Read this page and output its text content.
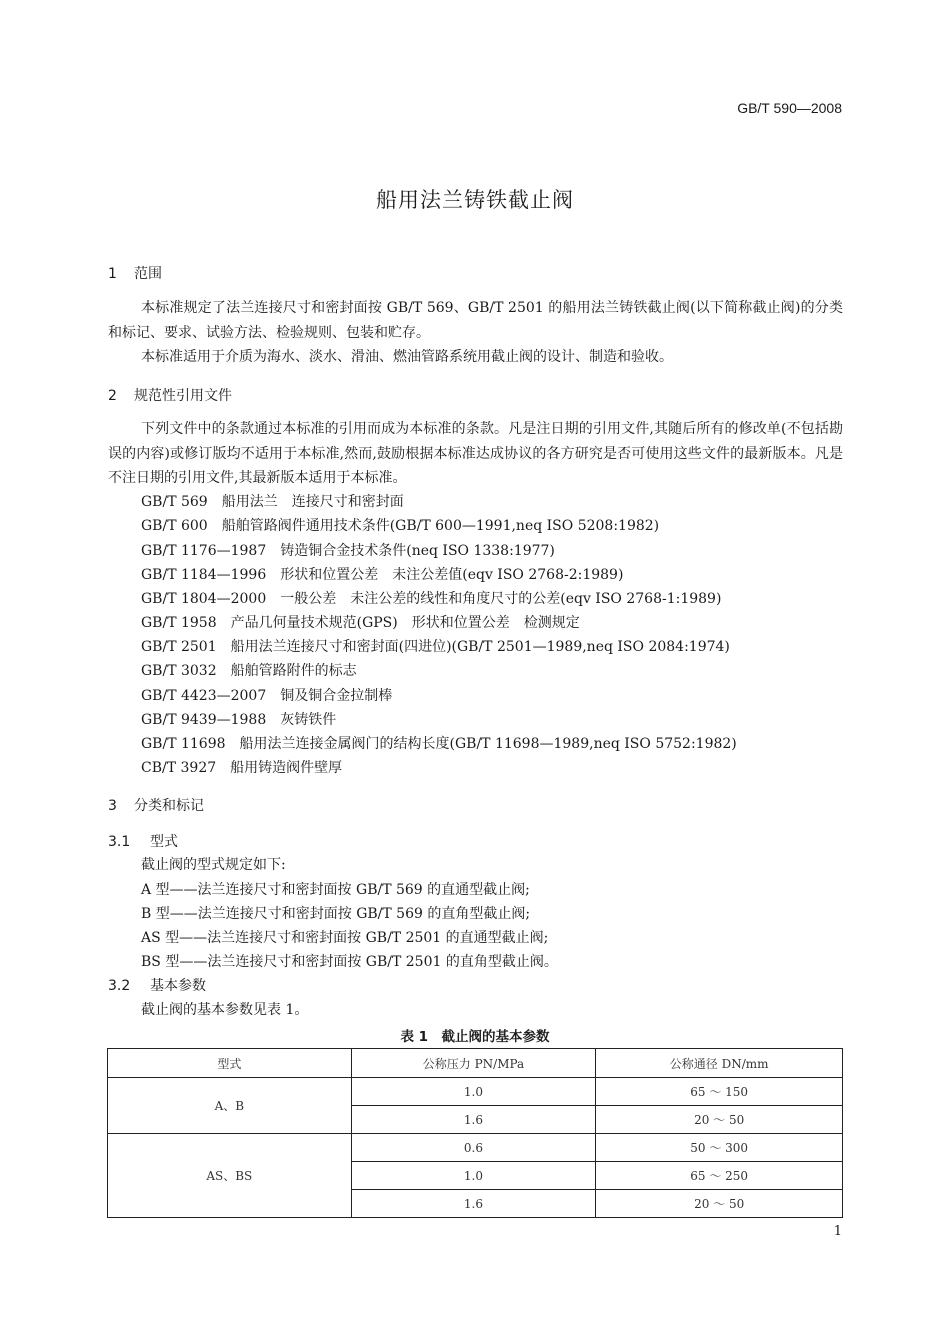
GB/T 590—2008
船用法兰铸铁截止阀
1 范围
本标准规定了法兰连接尺寸和密封面按 GB/T 569、GB/T 2501 的船用法兰铸铁截止阀(以下简称截止阀)的分类和标记、要求、试验方法、检验规则、包装和贮存。
本标准适用于介质为海水、淡水、滑油、燃油管路系统用截止阀的设计、制造和验收。
2 规范性引用文件
下列文件中的条款通过本标准的引用而成为本标准的条款。凡是注日期的引用文件,其随后所有的修改单(不包括勘误的内容)或修订版均不适用于本标准,然而,鼓励根据本标准达成协议的各方研究是否可使用这些文件的最新版本。凡是不注日期的引用文件,其最新版本适用于本标准。
GB/T 569　船用法兰　连接尺寸和密封面
GB/T 600　船舶管路阀件通用技术条件(GB/T 600—1991,neq ISO 5208:1982)
GB/T 1176—1987　铸造铜合金技术条件(neq ISO 1338:1977)
GB/T 1184—1996　形状和位置公差　未注公差值(eqv ISO 2768-2:1989)
GB/T 1804—2000　一般公差　未注公差的线性和角度尺寸的公差(eqv ISO 2768-1:1989)
GB/T 1958　产品几何量技术规范(GPS)　形状和位置公差　检测规定
GB/T 2501　船用法兰连接尺寸和密封面(四进位)(GB/T 2501—1989,neq ISO 2084:1974)
GB/T 3032　船舶管路附件的标志
GB/T 4423—2007　铜及铜合金拉制棒
GB/T 9439—1988　灰铸铁件
GB/T 11698　船用法兰连接金属阀门的结构长度(GB/T 11698—1989,neq ISO 5752:1982)
CB/T 3927　船用铸造阀件壁厚
3 分类和标记
3.1 型式
截止阀的型式规定如下:
A 型——法兰连接尺寸和密封面按 GB/T 569 的直通型截止阀;
B 型——法兰连接尺寸和密封面按 GB/T 569 的直角型截止阀;
AS 型——法兰连接尺寸和密封面按 GB/T 2501 的直通型截止阀;
BS 型——法兰连接尺寸和密封面按 GB/T 2501 的直角型截止阀。
3.2 基本参数
截止阀的基本参数见表 1。
表 1　截止阀的基本参数
型式	公称压力 PN/MPa	公称通径 DN/mm
A、B	1.0	65 ～ 150
	1.6	20 ～ 50
AS、BS	0.6	50 ～ 300
	1.0	65 ～ 250
	1.6	20 ～ 50
1
